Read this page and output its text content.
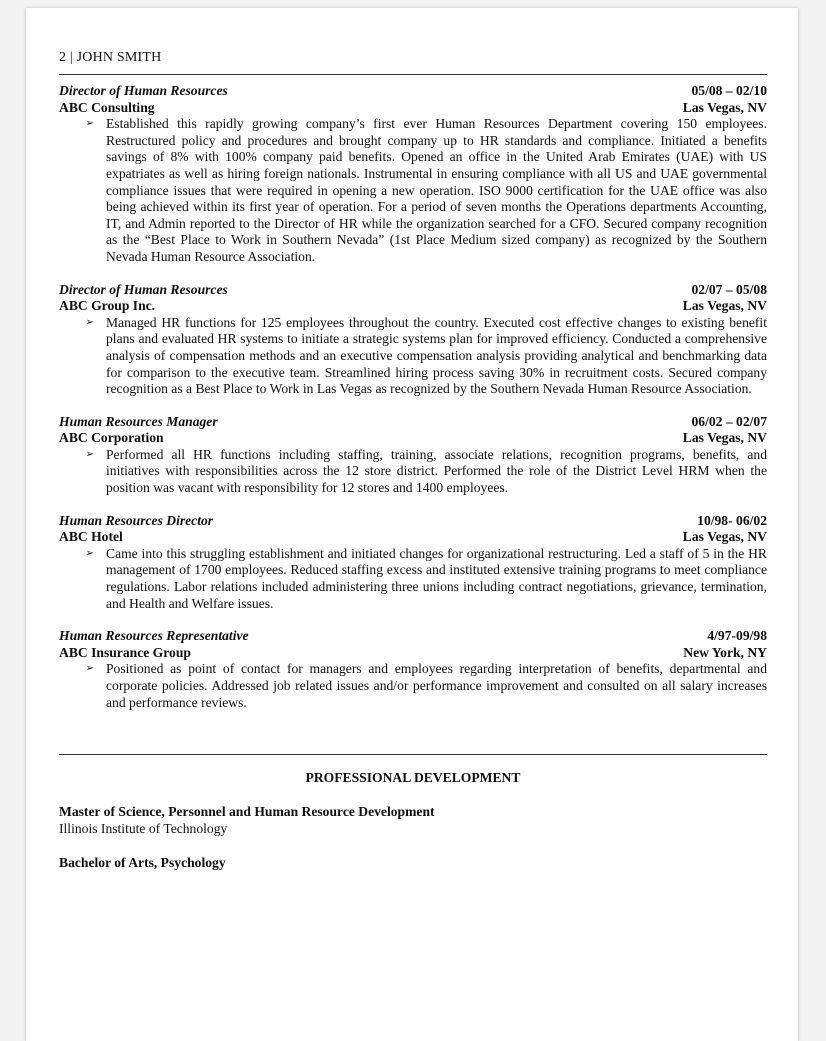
2 | JOHN SMITH
Director of Human Resources	05/08 – 02/10
ABC Consulting	Las Vegas, NV
➢ Established this rapidly growing company’s first ever Human Resources Department covering 150 employees. Restructured policy and procedures and brought company up to HR standards and compliance. Initiated a benefits savings of 8% with 100% company paid benefits. Opened an office in the United Arab Emirates (UAE) with US expatriates as well as hiring foreign nationals. Instrumental in ensuring compliance with all US and UAE governmental compliance issues that were required in opening a new operation. ISO 9000 certification for the UAE office was also being achieved within its first year of operation. For a period of seven months the Operations departments Accounting, IT, and Admin reported to the Director of HR while the organization searched for a CFO. Secured company recognition as the “Best Place to Work in Southern Nevada” (1st Place Medium sized company) as recognized by the Southern Nevada Human Resource Association.
Director of Human Resources	02/07 – 05/08
ABC Group Inc.	Las Vegas, NV
➢ Managed HR functions for 125 employees throughout the country. Executed cost effective changes to existing benefit plans and evaluated HR systems to initiate a strategic systems plan for improved efficiency. Conducted a comprehensive analysis of compensation methods and an executive compensation analysis providing analytical and benchmarking data for comparison to the executive team. Streamlined hiring process saving 30% in recruitment costs. Secured company recognition as a Best Place to Work in Las Vegas as recognized by the Southern Nevada Human Resource Association.
Human Resources Manager	06/02 – 02/07
ABC Corporation	Las Vegas, NV
➢ Performed all HR functions including staffing, training, associate relations, recognition programs, benefits, and initiatives with responsibilities across the 12 store district. Performed the role of the District Level HRM when the position was vacant with responsibility for 12 stores and 1400 employees.
Human Resources Director	10/98- 06/02
ABC Hotel	Las Vegas, NV
➢ Came into this struggling establishment and initiated changes for organizational restructuring. Led a staff of 5 in the HR management of 1700 employees. Reduced staffing excess and instituted extensive training programs to meet compliance regulations. Labor relations included administering three unions including contract negotiations, grievance, termination, and Health and Welfare issues.
Human Resources Representative	4/97-09/98
ABC Insurance Group	New York, NY
➢ Positioned as point of contact for managers and employees regarding interpretation of benefits, departmental and corporate policies. Addressed job related issues and/or performance improvement and consulted on all salary increases and performance reviews.
PROFESSIONAL DEVELOPMENT
Master of Science, Personnel and Human Resource Development
Illinois Institute of Technology
Bachelor of Arts, Psychology
